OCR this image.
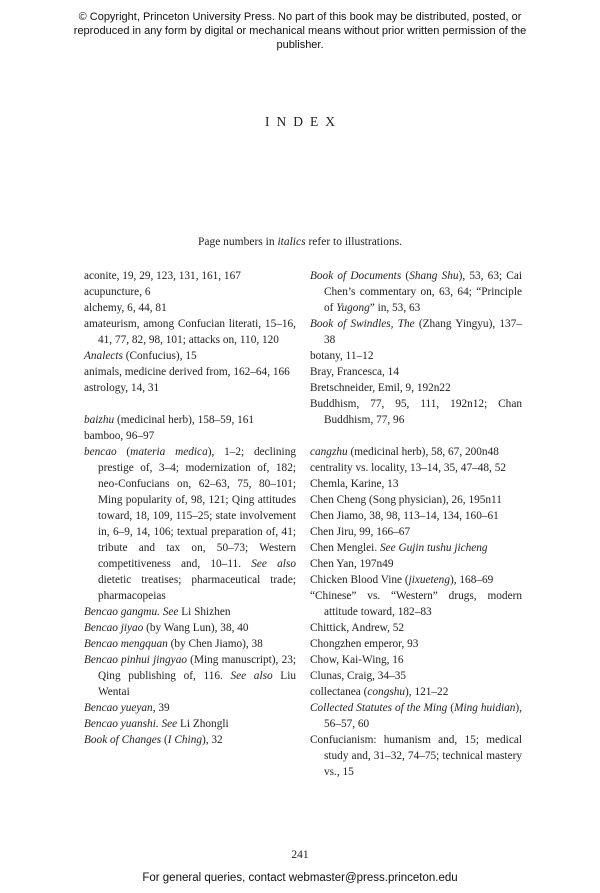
© Copyright, Princeton University Press. No part of this book may be distributed, posted, or reproduced in any form by digital or mechanical means without prior written permission of the publisher.
INDEX

Page numbers in italics refer to illustrations.

aconite, 19, 29, 123, 131, 161, 167
acupuncture, 6
alchemy, 6, 44, 81
amateurism, among Confucian literati, 15–16, 41, 77, 82, 98, 101; attacks on, 110, 120
Analects (Confucius), 15
animals, medicine derived from, 162–64, 166
astrology, 14, 31
baizhu (medicinal herb), 158–59, 161
bamboo, 96–97
bencao (materia medica), 1–2; declining prestige of, 3–4; modernization of, 182; neo-Confucians on, 62–63, 75, 80–101; Ming popularity of, 98, 121; Qing attitudes toward, 18, 109, 115–25; state involvement in, 6–9, 14, 106; textual preparation of, 41; tribute and tax on, 50–73; Western competitiveness and, 10–11. See also dietetic treatises; pharmaceutical trade; pharmacopeias
Bencao gangmu. See Li Shizhen
Bencao jiyao (by Wang Lun), 38, 40
Bencao mengquan (by Chen Jiamo), 38
Bencao pinhui jingyao (Ming manuscript), 23; Qing publishing of, 116. See also Liu Wentai
Bencao yueyan, 39
Bencao yuanshi. See Li Zhongli
Book of Changes (I Ching), 32
Book of Documents (Shang Shu), 53, 63; Cai Chen’s commentary on, 63, 64; “Principle of Yugong” in, 53, 63
Book of Swindles, The (Zhang Yingyu), 137–38
botany, 11–12
Bray, Francesca, 14
Bretschneider, Emil, 9, 192n22
Buddhism, 77, 95, 111, 192n12; Chan Buddhism, 77, 96
cangzhu (medicinal herb), 58, 67, 200n48
centrality vs. locality, 13–14, 35, 47–48, 52
Chemla, Karine, 13
Chen Cheng (Song physician), 26, 195n11
Chen Jiamo, 38, 98, 113–14, 134, 160–61
Chen Jiru, 99, 166–67
Chen Menglei. See Gujin tushu jicheng
Chen Yan, 197n49
Chicken Blood Vine (jixueteng), 168–69
“Chinese” vs. “Western” drugs, modern attitude toward, 182–83
Chittick, Andrew, 52
Chongzhen emperor, 93
Chow, Kai-Wing, 16
Clunas, Craig, 34–35
collectanea (congshu), 121–22
Collected Statutes of the Ming (Ming huidian), 56–57, 60
Confucianism: humanism and, 15; medical study and, 31–32, 74–75; technical mastery vs., 15
241
For general queries, contact webmaster@press.princeton.edu
